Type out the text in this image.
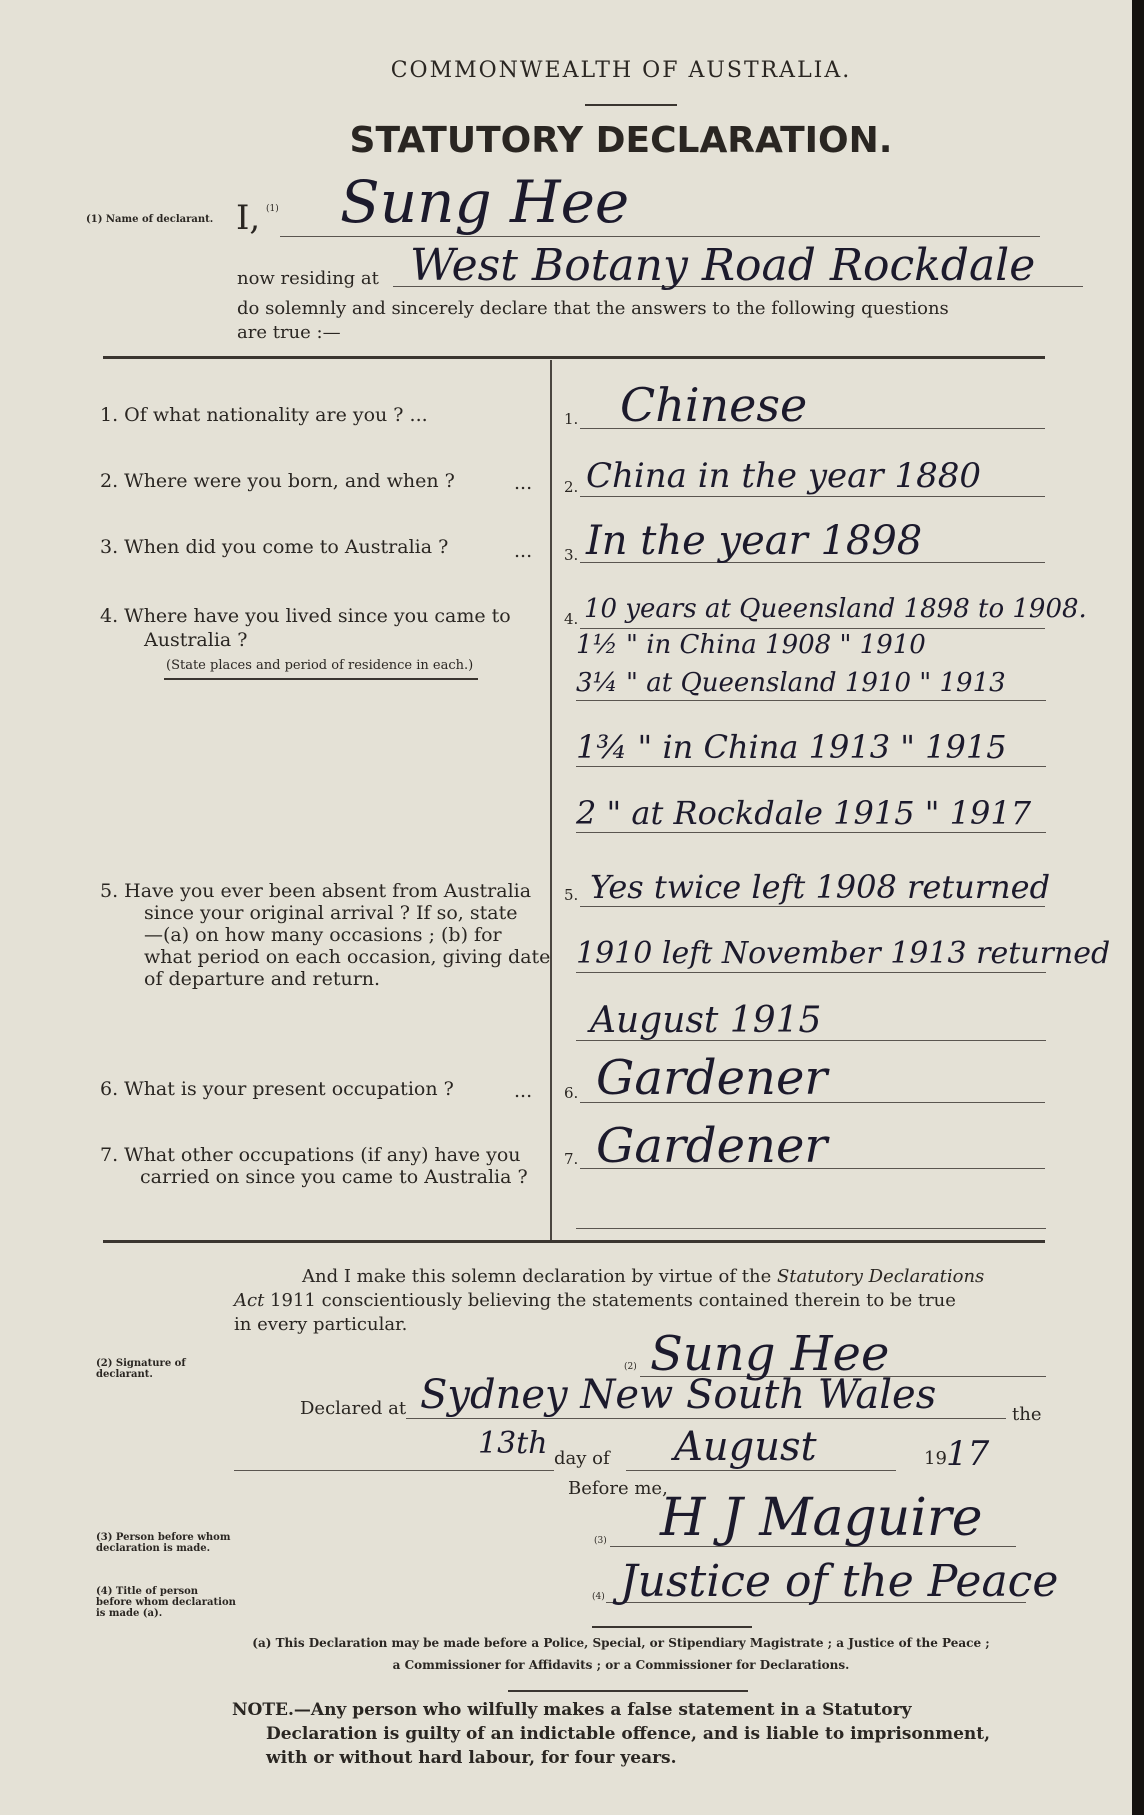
COMMONWEALTH OF AUSTRALIA.
STATUTORY DECLARATION.
(1) Name of declarant. I, (1) Sung Hee
now residing at West Botany Road Rockdale
do solemnly and sincerely declare that the answers to the following questions
are true :—
1. Of what nationality are you ? ...	1. Chinese
2. Where were you born, and when ?	... 2. China in the year 1880
3. When did you come to Australia ?	... 3. In the year 1898
4. Where have you lived since you came to
Australia ?
(State places and period of residence in each.)
4. 10 years at Queensland 1898 to 1908.
1½ " in China 1908 " 1910
3¼ " at Queensland 1910 " 1913
1¾ " in China 1913 " 1915
2 " at Rockdale 1915 " 1917
5. Have you ever been absent from Australia
since your original arrival ? If so, state
—(a) on how many occasions ; (b) for
what period on each occasion, giving date
of departure and return.
5. Yes twice left 1908 returned
1910 left November 1913 returned
August 1915
6. What is your present occupation ?	... 6. Gardener
7. What other occupations (if any) have you
carried on since you came to Australia ?
7. Gardener
And I make this solemn declaration by virtue of the Statutory Declarations
Act 1911 conscientiously believing the statements contained therein to be true
in every particular.
(2) Signature of declarant.
(2) Sung Hee
Declared at Sydney New South Wales	the
13th day of August	19 17
Before me,
(3) Person before whom declaration is made.
(3) H J Maguire
(4) Title of person before whom declaration is made (a).
(4) Justice of the Peace
(a) This Declaration may be made before a Police, Special, or Stipendiary Magistrate ; a Justice of the Peace ;
a Commissioner for Affidavits ; or a Commissioner for Declarations.
NOTE.—Any person who wilfully makes a false statement in a Statutory
Declaration is guilty of an indictable offence, and is liable to imprisonment,
with or without hard labour, for four years.
